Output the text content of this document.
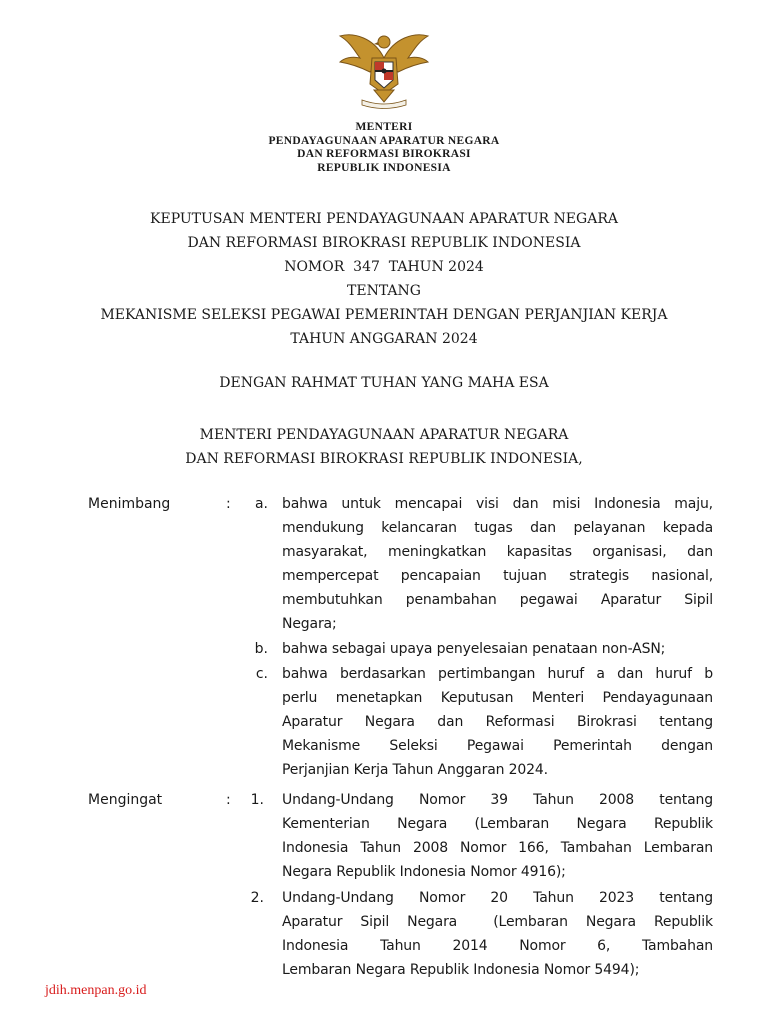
MENTERI
PENDAYAGUNAAN APARATUR NEGARA
DAN REFORMASI BIROKRASI
REPUBLIK INDONESIA
KEPUTUSAN MENTERI PENDAYAGUNAAN APARATUR NEGARA
DAN REFORMASI BIROKRASI REPUBLIK INDONESIA
NOMOR  347  TAHUN 2024
TENTANG
MEKANISME SELEKSI PEGAWAI PEMERINTAH DENGAN PERJANJIAN KERJA
TAHUN ANGGARAN 2024
DENGAN RAHMAT TUHAN YANG MAHA ESA
MENTERI PENDAYAGUNAAN APARATUR NEGARA
DAN REFORMASI BIROKRASI REPUBLIK INDONESIA,
Menimbang	:	a. bahwa untuk mencapai visi dan misi Indonesia maju,
mendukung kelancaran tugas dan pelayanan kepada
masyarakat, meningkatkan kapasitas organisasi, dan
mempercepat pencapaian tujuan strategis nasional,
membutuhkan penambahan pegawai Aparatur Sipil
Negara;
b. bahwa sebagai upaya penyelesaian penataan non-ASN;
c. bahwa berdasarkan pertimbangan huruf a dan huruf b
perlu menetapkan Keputusan Menteri Pendayagunaan
Aparatur Negara dan Reformasi Birokrasi tentang
Mekanisme Seleksi Pegawai Pemerintah dengan
Perjanjian Kerja Tahun Anggaran 2024.
Mengingat	:	1. Undang-Undang Nomor 39 Tahun 2008 tentang
Kementerian Negara (Lembaran Negara Republik
Indonesia Tahun 2008 Nomor 166, Tambahan Lembaran
Negara Republik Indonesia Nomor 4916);
2. Undang-Undang Nomor 20 Tahun 2023 tentang
Aparatur Sipil Negara  (Lembaran Negara Republik
Indonesia Tahun 2014 Nomor 6, Tambahan
Lembaran Negara Republik Indonesia Nomor 5494);
jdih.menpan.go.id
